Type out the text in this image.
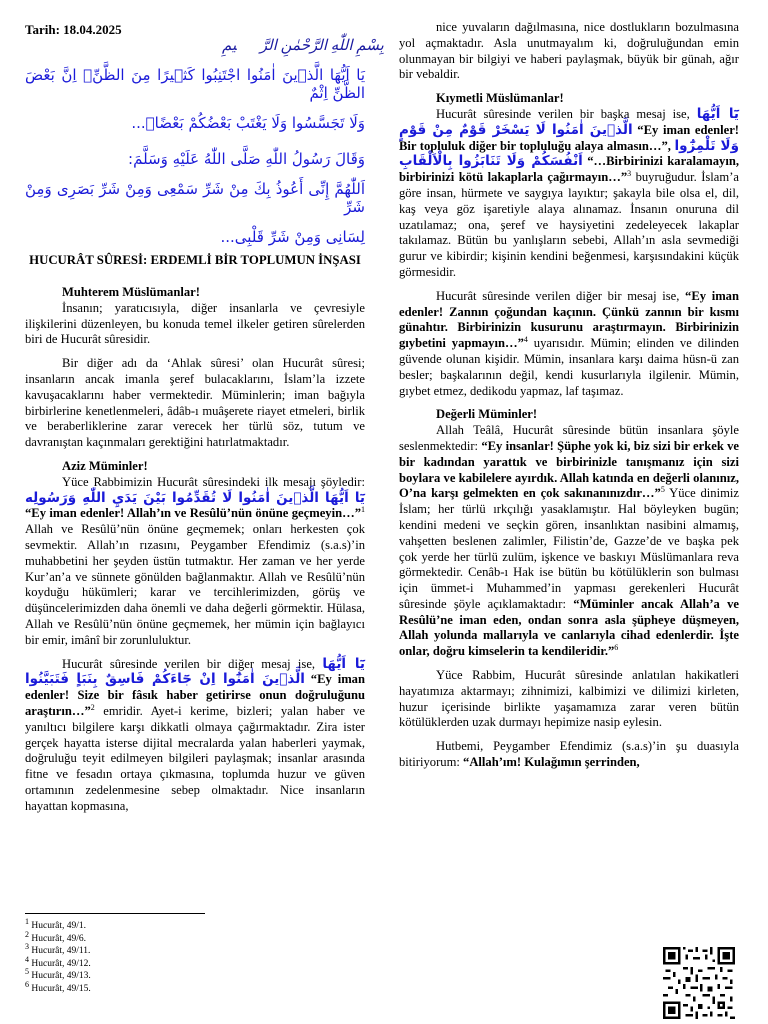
Tarih: 18.04.2025
بِسْمِ اللّٰهِ الرَّحْمٰنِ الرَّح۪يمِ
يَا اَيُّهَا الَّذ۪ينَ اٰمَنُوا اجْتَنِبُوا كَث۪يرًا مِنَ الظَّنِّۘ اِنَّ بَعْضَ الظَّنِّ اِثْمٌ
وَلَا تَجَسَّسُوا وَلَا يَغْتَبْ بَعْضُكُمْ بَعْضًاۜ...
وَقَالَ رَسُولُ اللّٰهِ صَلَّى اللّٰهُ عَلَيْهِ وَسَلَّمَ:
اَللّٰهُمَّ إِنِّى أَعُوذُ بِكَ مِنْ شَرِّ سَمْعِى وَمِنْ شَرِّ بَصَرِى وَمِنْ شَرِّ
لِسَانِى وَمِنْ شَرِّ قَلْبِى...
HUCURÂT SÛRESİ: ERDEMLİ BİR TOPLUMUN İNŞASI

Muhterem Müslümanlar!

İnsanın; yaratıcısıyla, diğer insanlarla ve çevresiyle ilişkilerini düzenleyen, bu konuda temel ilkeler getiren sûrelerden biri de Hucurât sûresidir.

Bir diğer adı da ‘Ahlak sûresi’ olan Hucurât sûresi; insanların ancak imanla şeref bulacaklarını, İslam’la izzete kavuşacaklarını haber vermektedir. Müminlerin; iman bağıyla birbirlerine kenetlenmeleri, âdâb-ı muâşerete riayet etmeleri, birlik ve beraberliklerine zarar verecek her türlü söz, tutum ve davranıştan kaçınmaları gerektiğini hatırlatmaktadır.

Aziz Müminler!

Yüce Rabbimizin Hucurât sûresindeki ilk mesajı şöyledir: يَٓا اَيُّهَا الَّذ۪ينَ اٰمَنُوا لَا تُقَدِّمُوا بَيْنَ يَدَيِ اللّٰهِ وَرَسُولِه “Ey iman edenler! Allah’ın ve Resûlü’nün önüne geçmeyin…”$^1$ Allah ve Resûlü’nün önüne geçmemek; onları herkesten çok sevmektir. Allah’ın rızasını, Peygamber Efendimiz (s.a.s)’in muhabbetini her şeyden üstün tutmaktır. Her zaman ve her yerde Kur’an’a ve sünnete gönülden bağlanmaktır. Allah ve Resûlü’nün koyduğu hükümleri; karar ve tercihlerimizden, görüş ve düşüncelerimizden daha önemli ve daha değerli görmektir. Hülasa, Allah ve Resûlü’nün önüne geçmemek, her mümin için bağlayıcı bir emir, imânî bir zorunluluktur.

Hucurât sûresinde verilen bir diğer mesaj ise, يَٓا اَيُّهَا الَّذ۪ينَ اٰمَنُٓوا اِنْ جَٓاءَكُمْ فَاسِقٌ بِنَبَاٍ فَتَبَيَّنُوا “Ey iman edenler! Size bir fâsık haber getirirse onun doğruluğunu araştırın…”$^2$ emridir. Ayet-i kerime, bizleri; yalan haber ve yanıltıcı bilgilere karşı dikkatli olmaya çağırmaktadır. Zira ister gerçek hayatta isterse dijital mecralarda yalan haberleri yaymak, doğruluğu teyit edilmeyen bilgileri paylaşmak; insanlar arasında fitne ve fesadın ortaya çıkmasına, toplumda huzur ve güven ortamının zedelenmesine sebep olmaktadır. Nice insanların hayattan kopmasına,

nice yuvaların dağılmasına, nice dostlukların bozulmasına yol açmaktadır. Asla unutmayalım ki, doğruluğundan emin olunmayan bir bilgiyi ve haberi paylaşmak, büyük bir günah, ağır bir vebaldir.

Kıymetli Müslümanlar!

Hucurât sûresinde verilen bir başka mesaj ise, يَٓا اَيُّهَا الَّذ۪ينَ اٰمَنُوا لَا يَسْخَرْ قَوْمٌ مِنْ قَوْمٍ “Ey iman edenler! Bir topluluk diğer bir topluluğu alaya almasın…”, وَلَا تَلْمِزُٓوا اَنْفُسَكُمْ وَلَا تَنَابَزُوا بِالْاَلْقَابِ “…Birbirinizi karalamayın, birbirinizi kötü lakaplarla çağırmayın…”$^3$ buyruğudur. İslam’a göre insan, hürmete ve saygıya layıktır; şakayla bile olsa el, dil, kaş veya göz işaretiyle alaya alınamaz. İnsanın onuruna dil uzatılamaz; ona, şeref ve haysiyetini zedeleyecek lakaplar takılamaz. Bütün bu yanlışların sebebi, Allah’ın asla sevmediği gurur ve kibirdir; kişinin kendini beğenmesi, karşısındakini küçük görmesidir.

Hucurât sûresinde verilen diğer bir mesaj ise, “Ey iman edenler! Zannın çoğundan kaçının. Çünkü zannın bir kısmı günahtır. Birbirinizin kusurunu araştırmayın. Birbirinizin gıybetini yapmayın…”$^4$ uyarısıdır. Mümin; elinden ve dilinden güvende olunan kişidir. Mümin, insanlara karşı daima hüsn-ü zan besler; başkalarının değil, kendi kusurlarıyla ilgilenir. Mümin, gıybet etmez, dedikodu yapmaz, laf taşımaz.

Değerli Müminler!

Allah Teâlâ, Hucurât sûresinde bütün insanlara şöyle seslenmektedir: “Ey insanlar! Şüphe yok ki, biz sizi bir erkek ve bir kadından yarattık ve birbirinizle tanışmanız için sizi boylara ve kabilelere ayırdık. Allah katında en değerli olanınız, O’na karşı gelmekten en çok sakınanınızdır…”$^5$ Yüce dinimiz İslam; her türlü ırkçılığı yasaklamıştır. Hal böyleyken bugün; kendini medeni ve seçkin gören, insanlıktan nasibini almamış, vahşetten beslenen zalimler, Filistin’de, Gazze’de ve başka pek çok yerde her türlü zulüm, işkence ve baskıyı Müslümanlara reva görmektedir. Cenâb-ı Hak ise bütün bu kötülüklerin son bulması için ümmet-i Muhammed’in yapması gerekenleri Hucurât sûresinde şöyle açıklamaktadır: “Müminler ancak Allah’a ve Resûlü’ne iman eden, ondan sonra asla şüpheye düşmeyen, Allah yolunda mallarıyla ve canlarıyla cihad edenlerdir. İşte onlar, doğru kimselerin ta kendileridir.”$^6$

Yüce Rabbim, Hucurât sûresinde anlatılan hakikatleri hayatımıza aktarmayı; zihnimizi, kalbimizi ve dilimizi kirleten, huzur içerisinde birlikte yaşamamıza zarar veren bütün kötülüklerden uzak durmayı hepimize nasip eylesin.

Hutbemi, Peygamber Efendimiz (s.a.s)’in şu duasıyla bitiriyorum: “Allah’ım! Kulağımın şerrinden,

$^1$ Hucurât, 49/1.
$^2$ Hucurât, 49/6.
$^3$ Hucurât, 49/11.
$^4$ Hucurât, 49/12.
$^5$ Hucurât, 49/13.
$^6$ Hucurât, 49/15.
